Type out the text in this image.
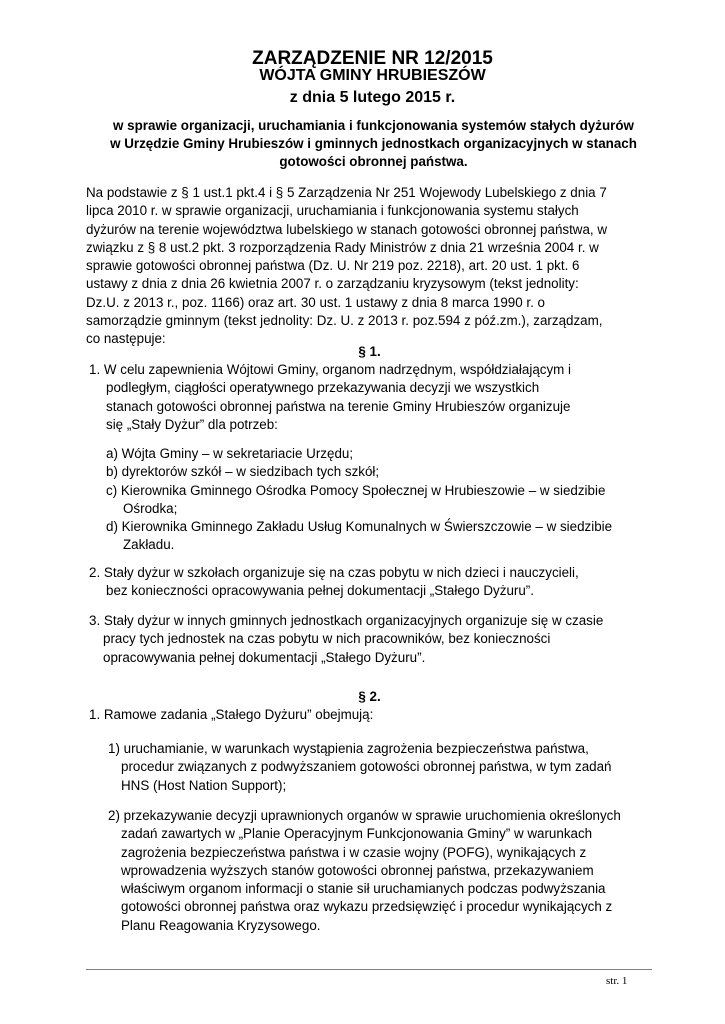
ZARZĄDZENIE NR 12/2015
WÓJTA GMINY HRUBIESZÓW
z dnia 5 lutego 2015 r.
w sprawie organizacji, uruchamiania i funkcjonowania systemów stałych dyżurów
w Urzędzie Gminy Hrubieszów i gminnych jednostkach organizacyjnych w stanach
gotowości obronnej państwa.
Na podstawie z § 1 ust.1 pkt.4 i § 5 Zarządzenia Nr 251 Wojewody Lubelskiego z dnia 7
lipca 2010 r. w sprawie organizacji, uruchamiania i funkcjonowania systemu stałych
dyżurów na terenie województwa lubelskiego w stanach gotowości obronnej państwa, w
związku z § 8 ust.2 pkt. 3 rozporządzenia Rady Ministrów z dnia 21 września 2004 r. w
sprawie gotowości obronnej państwa (Dz. U. Nr 219 poz. 2218), art. 20 ust. 1 pkt. 6
ustawy z dnia z dnia 26 kwietnia 2007 r. o zarządzaniu kryzysowym (tekst jednolity:
Dz.U. z 2013 r., poz. 1166) oraz art. 30 ust. 1 ustawy z dnia 8 marca 1990 r. o
samorządzie gminnym (tekst jednolity: Dz. U. z 2013 r. poz.594 z póź.zm.), zarządzam,
co następuje:
§ 1.
1. W celu zapewnienia Wójtowi Gminy, organom nadrzędnym, współdziałającym i
podległym, ciągłości operatywnego przekazywania decyzji we wszystkich
stanach gotowości obronnej państwa na terenie Gminy Hrubieszów organizuje
się „Stały Dyżur” dla potrzeb:
a) Wójta Gminy – w sekretariacie Urzędu;
b) dyrektorów szkół – w siedzibach tych szkół;
c) Kierownika Gminnego Ośrodka Pomocy Społecznej w Hrubieszowie – w siedzibie
Ośrodka;
d) Kierownika Gminnego Zakładu Usług Komunalnych w Świerszczowie – w siedzibie
Zakładu.
2. Stały dyżur w szkołach organizuje się na czas pobytu w nich dzieci i nauczycieli,
bez konieczności opracowywania pełnej dokumentacji „Stałego Dyżuru”.
3. Stały dyżur w innych gminnych jednostkach organizacyjnych organizuje się w czasie
pracy tych jednostek na czas pobytu w nich pracowników, bez konieczności
opracowywania pełnej dokumentacji „Stałego Dyżuru”.
§ 2.
1. Ramowe zadania „Stałego Dyżuru” obejmują:
1) uruchamianie, w warunkach wystąpienia zagrożenia bezpieczeństwa państwa,
procedur związanych z podwyższaniem gotowości obronnej państwa, w tym zadań
HNS (Host Nation Support);
2) przekazywanie decyzji uprawnionych organów w sprawie uruchomienia określonych
zadań zawartych w „Planie Operacyjnym Funkcjonowania Gminy” w warunkach
zagrożenia bezpieczeństwa państwa i w czasie wojny (POFG), wynikających z
wprowadzenia wyższych stanów gotowości obronnej państwa, przekazywaniem
właściwym organom informacji o stanie sił uruchamianych podczas podwyższania
gotowości obronnej państwa oraz wykazu przedsięwzięć i procedur wynikających z
Planu Reagowania Kryzysowego.
str. 1
